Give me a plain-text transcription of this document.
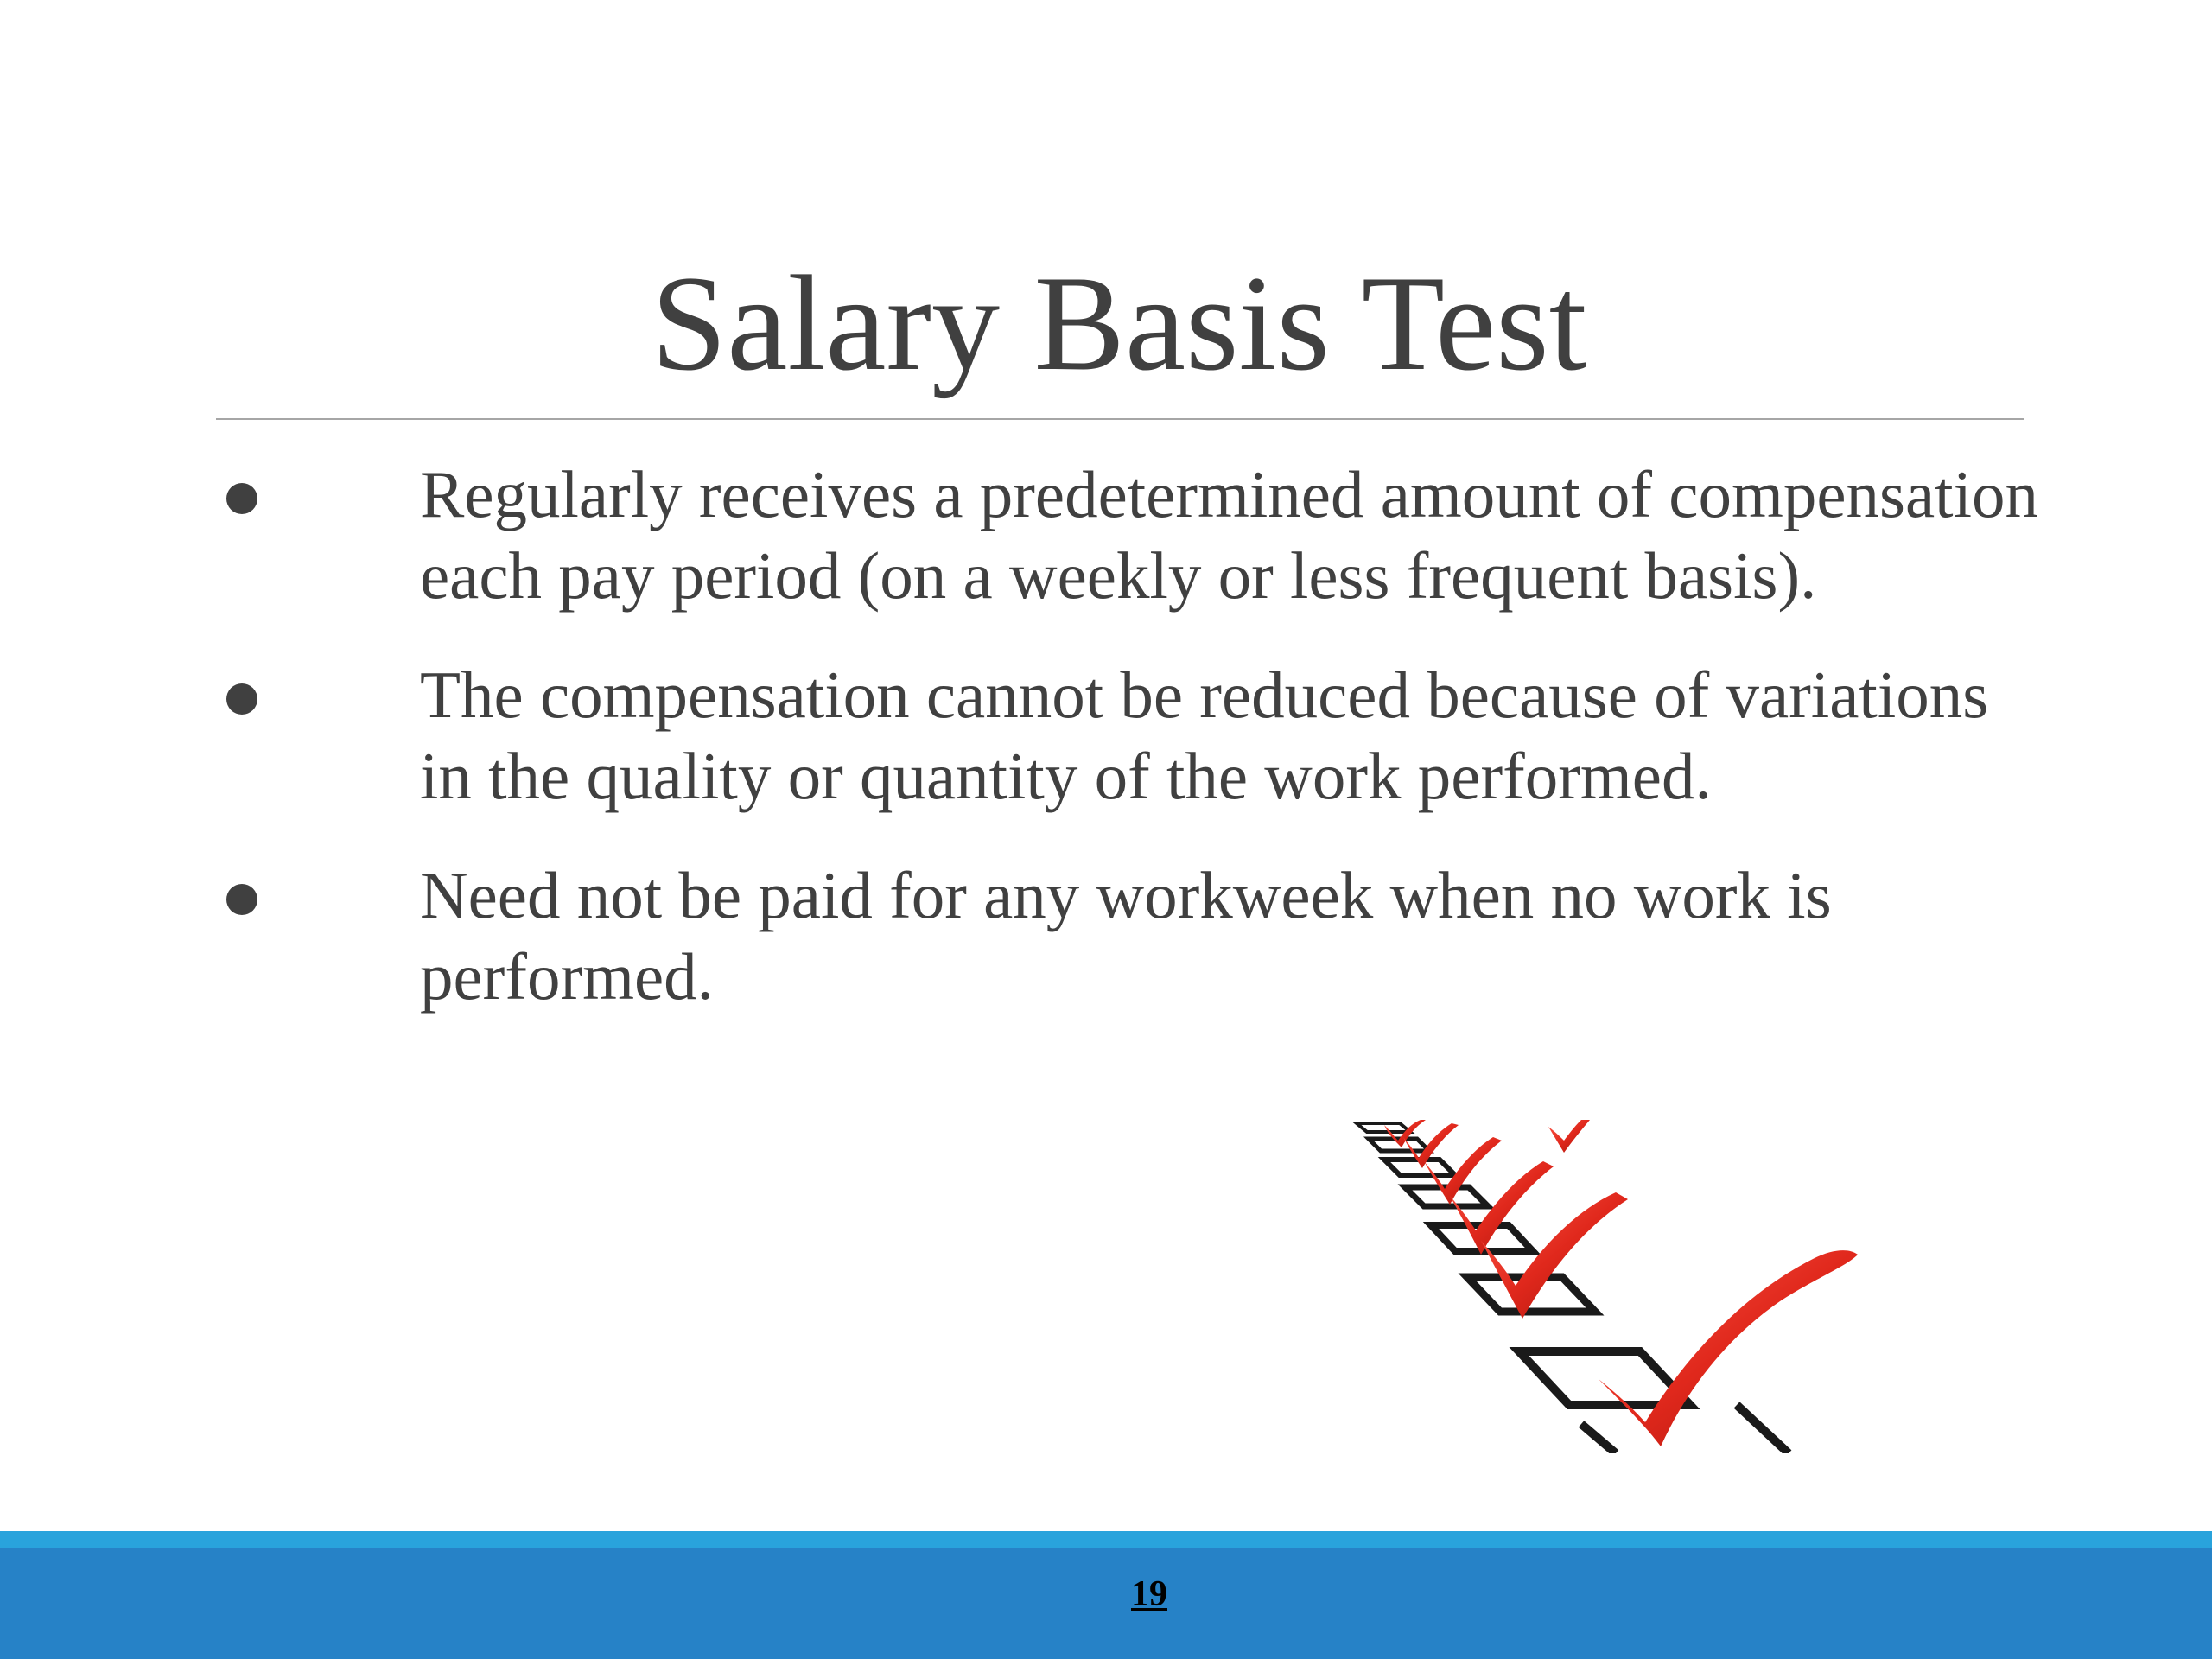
Salary Basis Test
Regularly receives a predetermined amount of compensation each pay period (on a weekly or less frequent basis).
The compensation cannot be reduced because of variations in the quality or quantity of the work performed.
Need not be paid for any workweek when no work is performed.
19
